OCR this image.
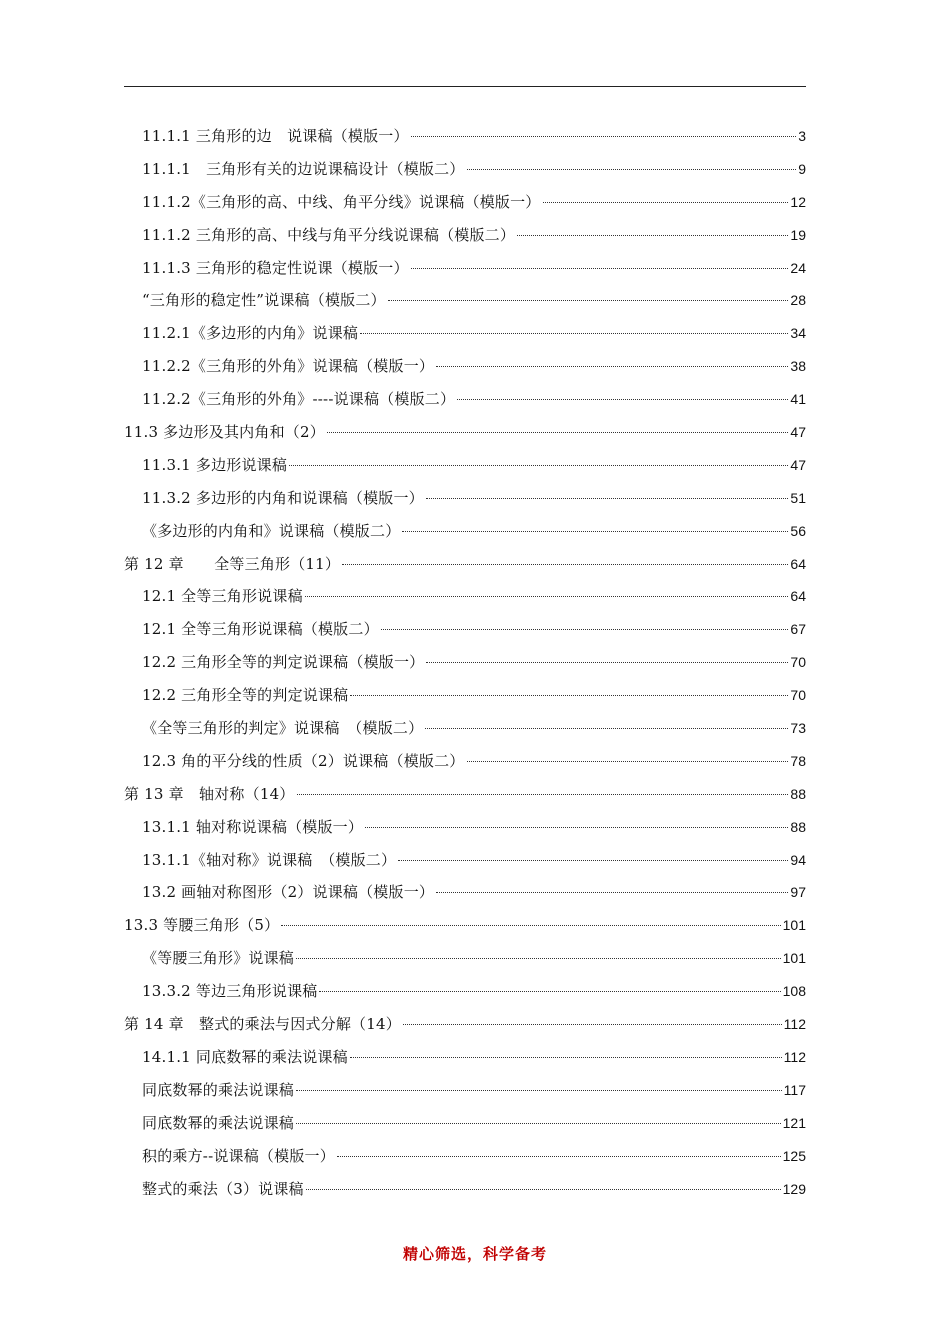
11.1.1 三角形的边　说课稿（模版一）	3
11.1.1　三角形有关的边说课稿设计（模版二）	9
11.1.2《三角形的高、中线、角平分线》说课稿（模版一）	12
11.1.2 三角形的高、中线与角平分线说课稿（模版二）	19
11.1.3 三角形的稳定性说课（模版一）	24
“三角形的稳定性”说课稿（模版二）	28
11.2.1《多边形的内角》说课稿	34
11.2.2《三角形的外角》说课稿（模版一）	38
11.2.2《三角形的外角》----说课稿（模版二）	41
11.3 多边形及其内角和（2）	47
11.3.1 多边形说课稿	47
11.3.2 多边形的内角和说课稿（模版一）	51
《多边形的内角和》说课稿（模版二）	56
第 12 章　　全等三角形（11）	64
12.1 全等三角形说课稿	64
12.1 全等三角形说课稿（模版二）	67
12.2 三角形全等的判定说课稿（模版一）	70
12.2 三角形全等的判定说课稿	70
《全等三角形的判定》说课稿　（模版二）	73
12.3 角的平分线的性质（2）说课稿（模版二）	78
第 13 章　轴对称（14）	88
13.1.1 轴对称说课稿（模版一）	88
13.1.1《轴对称》说课稿　（模版二）	94
13.2 画轴对称图形（2）说课稿（模版一）	97
13.3 等腰三角形（5）	101
《等腰三角形》说课稿	101
13.3.2 等边三角形说课稿	108
第 14 章　整式的乘法与因式分解（14）	112
14.1.1 同底数幂的乘法说课稿	112
同底数幂的乘法说课稿	117
同底数幂的乘法说课稿	121
积的乘方--说课稿（模版一）	125
整式的乘法（3）说课稿	129
精心筛选，科学备考
